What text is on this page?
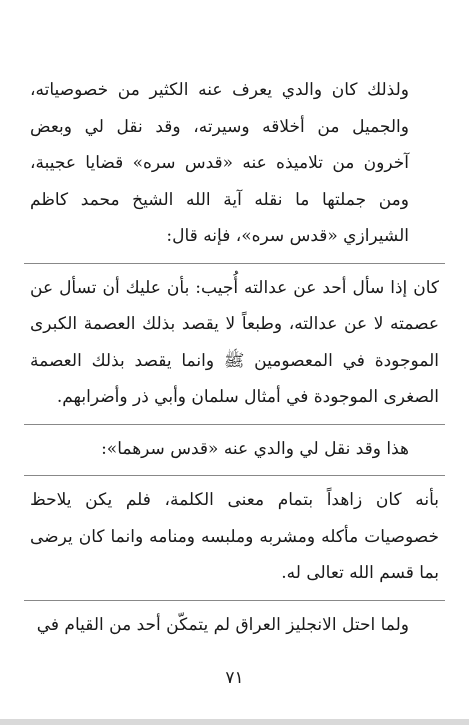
ولذلك كان والدي يعرف عنه الكثير من خصوصياته، والجميل من أخلاقه وسيرته، وقد نقل لي وبعض آخرون من تلاميذه عنه «قدس سره» قضايا عجيبة، ومن جملتها ما نقله آية الله الشيخ محمد كاظم الشيرازي «قدس سره»، فإنه قال:

كان إذا سأل أحد عن عدالته أُجيب: بأن عليك أن تسأل عن عصمته لا عن عدالته، وطبعاً لا يقصد بذلك العصمة الكبرى الموجودة في المعصومين ﷺ وانما يقصد بذلك العصمة الصغرى الموجودة في أمثال سلمان وأبي ذر وأضرابهم.

هذا وقد نقل لي والدي عنه «قدس سرهما»:

بأنه كان زاهداً بتمام معنى الكلمة، فلم يكن يلاحظ خصوصيات مأكله ومشربه وملبسه ومنامه وانما كان يرضى بما قسم الله تعالى له.

ولما احتل الانجليز العراق لم يتمكّن أحد من القيام في

٧١
